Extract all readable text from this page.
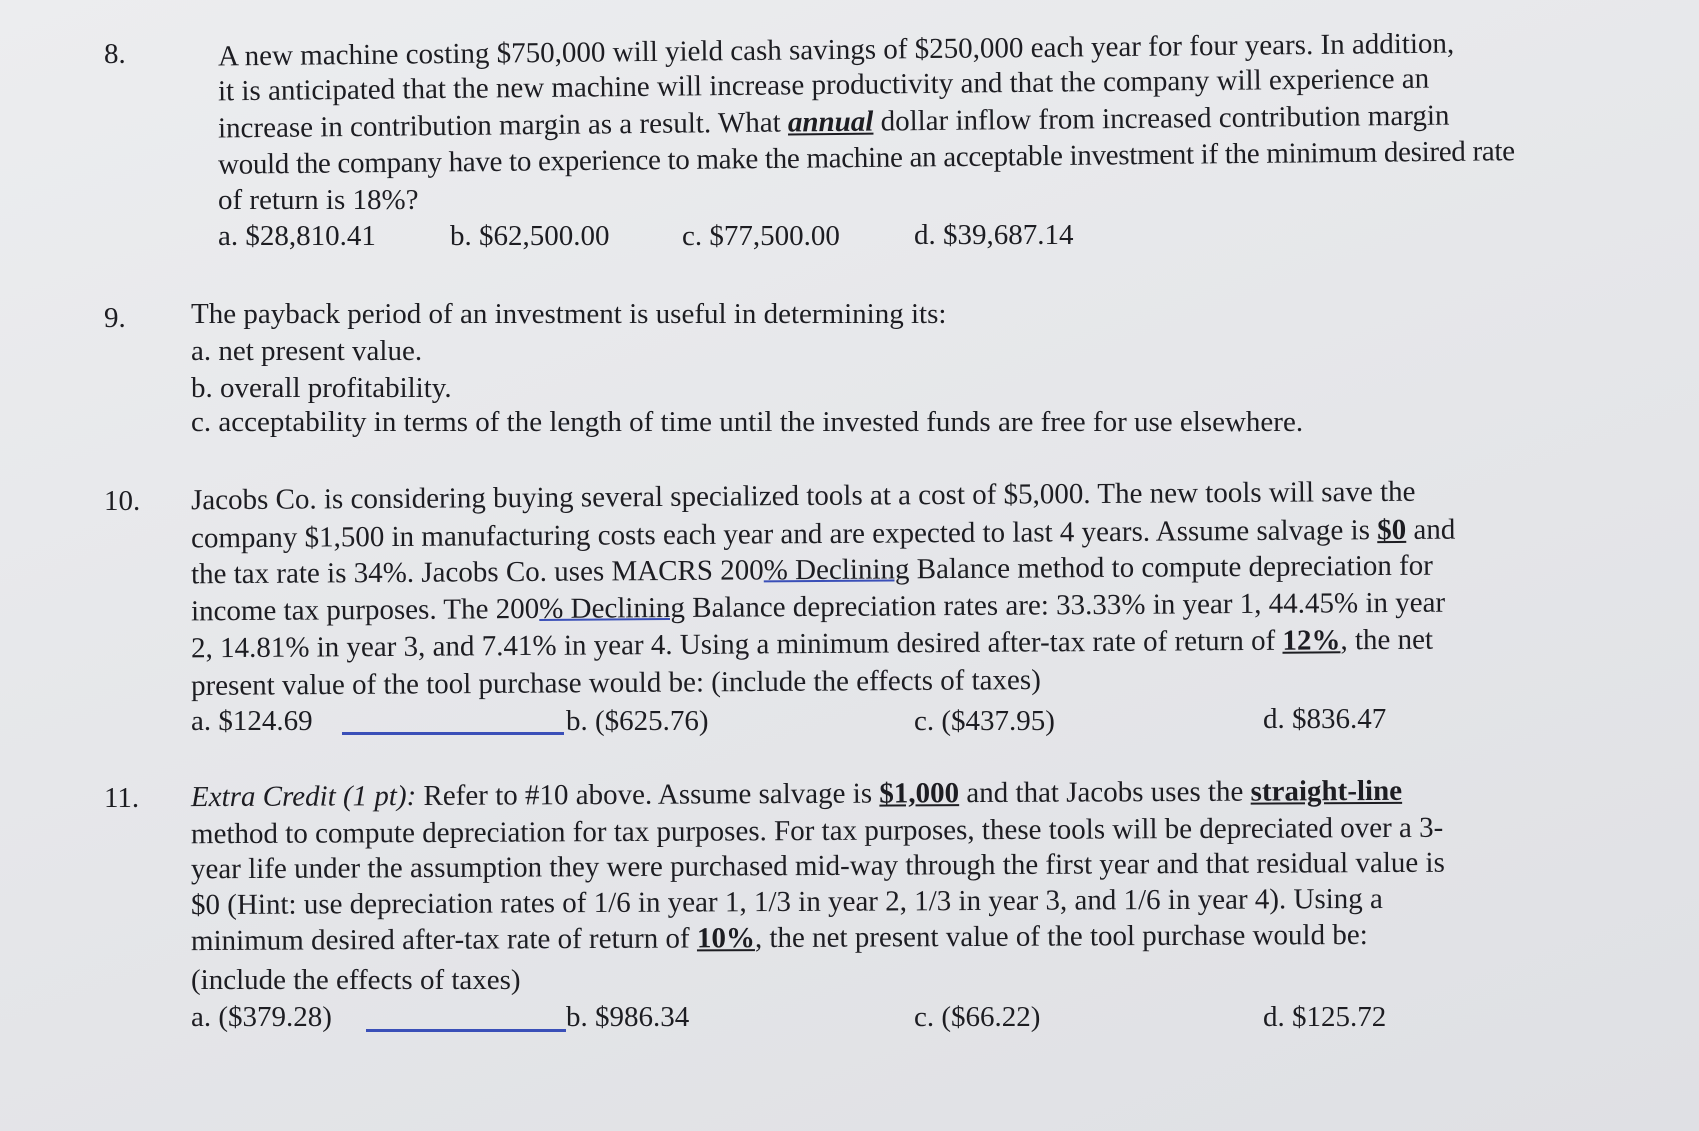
8.	A new machine costing $750,000 will yield cash savings of $250,000 each year for four years. In addition,
it is anticipated that the new machine will increase productivity and that the company will experience an
increase in contribution margin as a result. What annual dollar inflow from increased contribution margin
would the company have to experience to make the machine an acceptable investment if the minimum desired rate
of return is 18%?
a. $28,810.41	b. $62,500.00	c. $77,500.00	d. $39,687.14
9. The payback period of an investment is useful in determining its:
a. net present value.
b. overall profitability.
c. acceptability in terms of the length of time until the invested funds are free for use elsewhere.
10. Jacobs Co. is considering buying several specialized tools at a cost of $5,000. The new tools will save the
company $1,500 in manufacturing costs each year and are expected to last 4 years. Assume salvage is $0 and
the tax rate is 34%. Jacobs Co. uses MACRS 200% Declining Balance method to compute depreciation for
income tax purposes. The 200% Declining Balance depreciation rates are: 33.33% in year 1, 44.45% in year
2, 14.81% in year 3, and 7.41% in year 4. Using a minimum desired after-tax rate of return of 12%, the net
present value of the tool purchase would be: (include the effects of taxes)
a. $124.69	b. ($625.76)	c. ($437.95)	d. $836.47
11. Extra Credit (1 pt): Refer to #10 above. Assume salvage is $1,000 and that Jacobs uses the straight-line
method to compute depreciation for tax purposes. For tax purposes, these tools will be depreciated over a 3-
year life under the assumption they were purchased mid-way through the first year and that residual value is
$0 (Hint: use depreciation rates of 1/6 in year 1, 1/3 in year 2, 1/3 in year 3, and 1/6 in year 4). Using a
minimum desired after-tax rate of return of 10%, the net present value of the tool purchase would be:
(include the effects of taxes)
a. ($379.28)	b. $986.34	c. ($66.22)	d. $125.72
